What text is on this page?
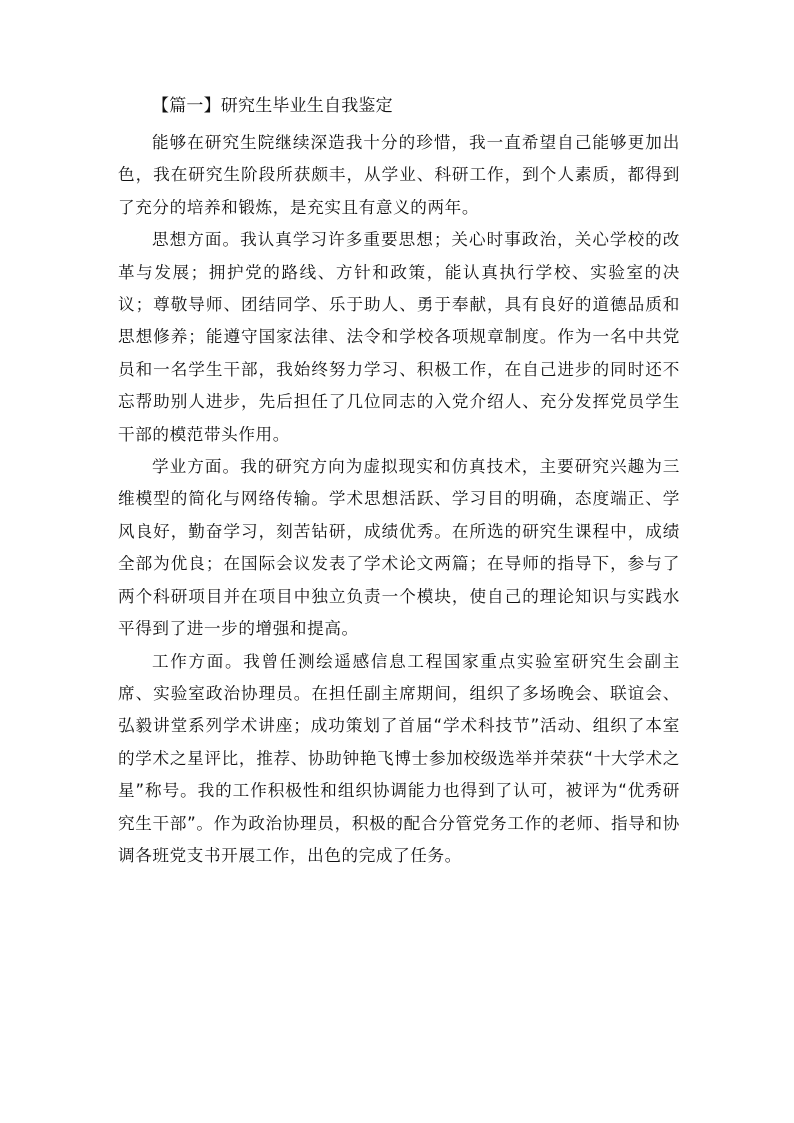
【篇一】研究生毕业生自我鉴定

能够在研究生院继续深造我十分的珍惜，我一直希望自己能够更加出色，我在研究生阶段所获颇丰，从学业、科研工作，到个人素质，都得到了充分的培养和锻炼，是充实且有意义的两年。

思想方面。我认真学习许多重要思想；关心时事政治，关心学校的改革与发展；拥护党的路线、方针和政策，能认真执行学校、实验室的决议；尊敬导师、团结同学、乐于助人、勇于奉献，具有良好的道德品质和思想修养；能遵守国家法律、法令和学校各项规章制度。作为一名中共党员和一名学生干部，我始终努力学习、积极工作，在自己进步的同时还不忘帮助别人进步，先后担任了几位同志的入党介绍人、充分发挥党员学生干部的模范带头作用。

学业方面。我的研究方向为虚拟现实和仿真技术，主要研究兴趣为三维模型的简化与网络传输。学术思想活跃、学习目的明确，态度端正、学风良好，勤奋学习，刻苦钻研，成绩优秀。在所选的研究生课程中，成绩全部为优良；在国际会议发表了学术论文两篇；在导师的指导下，参与了两个科研项目并在项目中独立负责一个模块，使自己的理论知识与实践水平得到了进一步的增强和提高。

工作方面。我曾任测绘遥感信息工程国家重点实验室研究生会副主席、实验室政治协理员。在担任副主席期间，组织了多场晚会、联谊会、弘毅讲堂系列学术讲座；成功策划了首届“学术科技节”活动、组织了本室的学术之星评比，推荐、协助钟艳飞博士参加校级选举并荣获“十大学术之星”称号。我的工作积极性和组织协调能力也得到了认可，被评为“优秀研究生干部”。作为政治协理员，积极的配合分管党务工作的老师、指导和协调各班党支书开展工作，出色的完成了任务。
